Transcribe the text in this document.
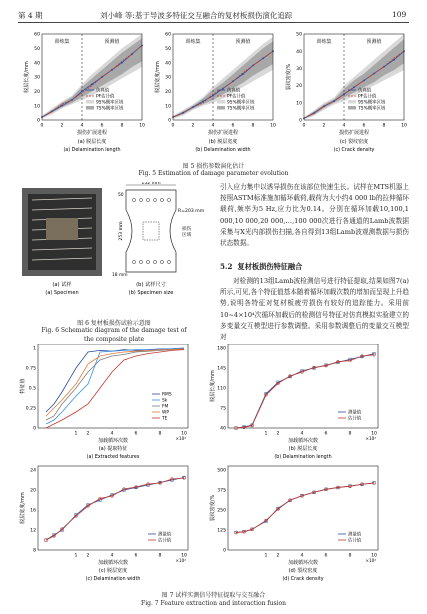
第 4 期	刘小峰 等:基于导波多特征交互融合的复材板损伤演化追踪	109
训练集	预测值
0	2	4	6	8	10
0
10
20
30
40
50
60
损伤扩展进程
脱层长度/mm	仿真值
PF估计值
95%概率区域
75%概率区域
(a) 脱层长度
(a) Delamination length
训练集	预测值
0	2	4	6	8	10
0
10
20
30
40
50
60
损伤扩展进程
脱层宽度/mm	仿真值
PF估计值
95%概率区域
75%概率区域
(b) 脱层宽度
(b) Delamination width
训练集	预测值
0	2	4	6	8	10
0
10
20
30
40
50
损伤扩展进程
裂纹密度/%
仿真值
PF估计值
95%概率区域
75%概率区域
(c) 裂纹密度
(c) Crack density
图 5 损伤参数演化估计
Fig. 5 Estimation of damage parameter evolution
(a) 试样
(a) Specimen
152 mm
R=203 mm
损伤
区域
253 mm
50
18 mm
(b) 试样尺寸
(b) Specimen size
图 6 复材板损伤试验示意图
Fig. 6 Schematic diagram of the damage test of
the composite plate
引入应力集中以诱导损伤在该部位快速生长。试样在MTS机器上按照ASTM标准施加循环载荷,载荷为大小约4 000 lb的拉伸循环载荷,频率为5 Hz,应力比为0.14。分别在循环加载10,100,1 000,10 000,20 000,…,100 000次进行各通道的Lamb波数据采集与X光内部损伤扫描,各自得到13组Lamb波观测数据与损伤状态数据。
5.2 复材板损伤特征融合
对检测的13组Lamb波检测信号进行特征提取,结果如图7(a)所示,可见,各个特征值基本随着循环加载次数的增加而呈现上升趋势,说明各特征对复材板疲劳损伤有较好的追踪能力。采用前10~4×10⁴次循环加载后的检测信号特征对仿真模拟实验建立的多变量交互模型进行参数调整。采用参数调整后的变量交互模型对
1 2	4	6	8	10
×10⁴
0
0.25
0.5
0.75
1
加载循环次数
特征值
RMS
Sk
FM
WP
TE
(a) 提取特征
(a) Extracted features
1 2	4	6	8	10
×10⁴
40
75
110
145
180
加载循环次数
脱层长度/mm
测量值
估计值
(b) 脱层长度
(b) Delamination length
1 2	4	6	8	10
×10⁴
8
12
16
20
24
加载循环次数
脱层宽度/mm
测量值
估计值
(c) 脱层宽度
(c) Delamination width
1 2	4	6	8	10
×10⁴
0
125
250
375
500
加载循环次数
裂纹密度/%
测量值
估计值
(d) 裂纹密度
(d) Crack density
图 7 试样实测信号特征提取与交互融合
Fig. 7 Feature extraction and interaction fusion
